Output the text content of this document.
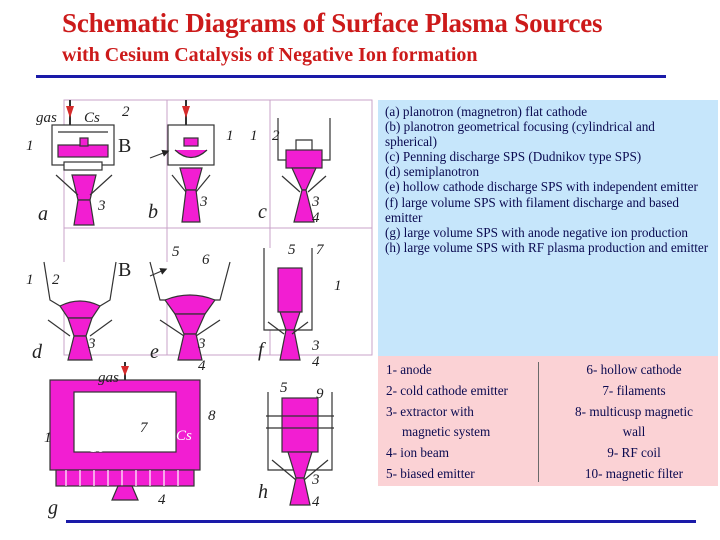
Schematic Diagrams of Surface Plasma Sources
with Cesium Catalysis of Negative Ion formation
gas Cs 2
1
3
B
a	b	3
1 1 2
c	3
4
1 2	B
3
d
5 6
3
4
e
5 7
1
3
4
f
gas
1
7
8
10
Cs
4
g
5 9
3
4
h

(a) planotron (magnetron) flat cathode

(b) planotron geometrical focusing (cylindrical and spherical)

(c) Penning discharge SPS (Dudnikov type SPS)

(d) semiplanotron

(e) hollow cathode discharge SPS with independent emitter

(f) large volume SPS with filament discharge and based emitter

(g) large volume SPS with anode negative ion production

(h) large volume SPS with RF plasma production and emitter

1- anode

2- cold cathode emitter

3- extractor with

magnetic system

4- ion beam

5- biased emitter

6- hollow cathode

7- filaments

8- multicusp magnetic

wall

9- RF coil

10- magnetic filter
